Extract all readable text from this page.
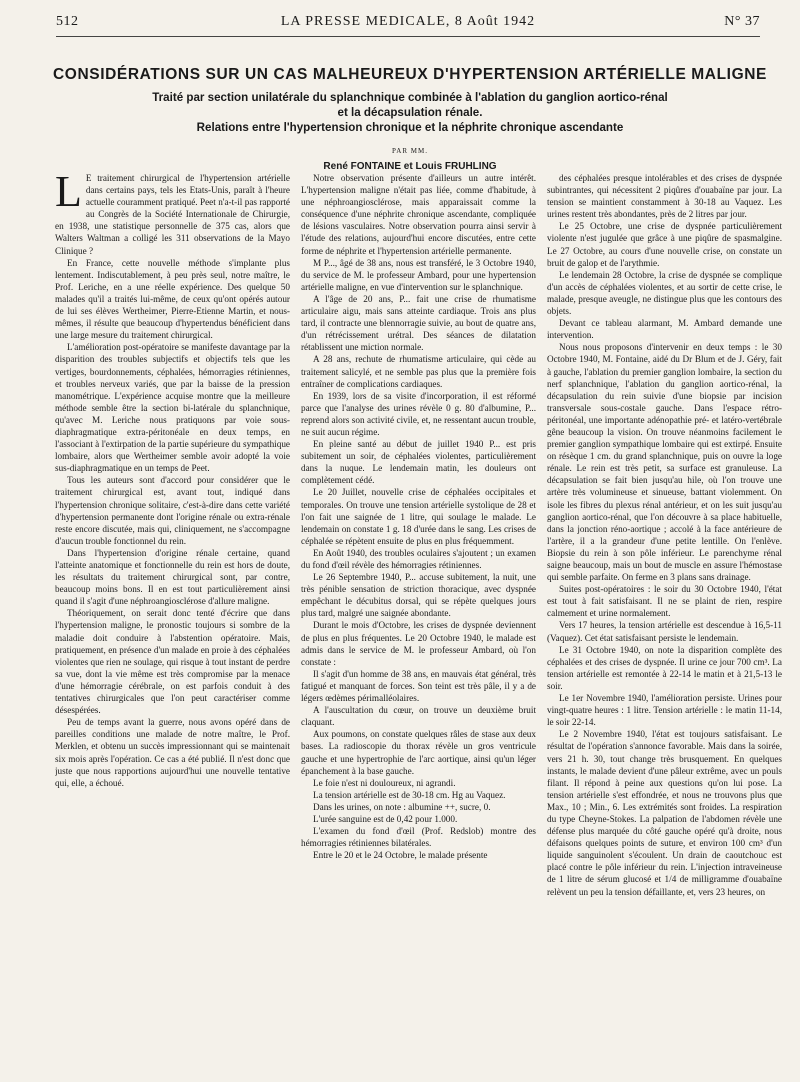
512	LA PRESSE MEDICALE, 8 Août 1942	N° 37
CONSIDÉRATIONS SUR UN CAS MALHEUREUX D'HYPERTENSION ARTÉRIELLE MALIGNE
Traité par section unilatérale du splanchnique combinée à l'ablation du ganglion aortico-rénal
et la décapsulation rénale.
Relations entre l'hypertension chronique et la néphrite chronique ascendante
PAR MM.
René FONTAINE et Louis FRUHLING

L E traitement chirurgical de l'hypertension artérielle dans certains pays, tels les Etats-Unis, paraît à l'heure actuelle couramment pratiqué. Peet n'a-t-il pas rapporté au Congrès de la Société Internationale de Chirurgie, en 1938, une statistique personnelle de 375 cas, alors que Walters Waltman a colligé les 311 observations de la Mayo Clinique ?

En France, cette nouvelle méthode s'implante plus lentement. Indiscutablement, à peu près seul, notre maître, le Prof. Leriche, en a une réelle expérience. Des quelque 50 malades qu'il a traités lui-même, de ceux qu'ont opérés autour de lui ses élèves Wertheimer, Pierre-Etienne Martin, et nous-mêmes, il résulte que beaucoup d'hypertendus bénéficient dans une large mesure du traitement chirurgical.

L'amélioration post-opératoire se manifeste davantage par la disparition des troubles subjectifs et objectifs tels que les vertiges, bourdonnements, céphalées, hémorragies rétiniennes, et troubles nerveux variés, que par la baisse de la pression manométrique. L'expérience acquise montre que la meilleure méthode semble être la section bi-latérale du splanchnique, qu'avec M. Leriche nous pratiquons par voie sous-diaphragmatique extra-péritonéale en deux temps, en l'associant à l'extirpation de la partie supérieure du sympathique lombaire, alors que Wertheimer semble avoir adopté la voie sus-diaphragmatique en un temps de Peet.

Tous les auteurs sont d'accord pour considérer que le traitement chirurgical est, avant tout, indiqué dans l'hypertension chronique solitaire, c'est-à-dire dans cette variété d'hypertension permanente dont l'origine rénale ou extra-rénale reste encore discutée, mais qui, cliniquement, ne s'accompagne d'aucun trouble fonctionnel du rein.

Dans l'hypertension d'origine rénale certaine, quand l'atteinte anatomique et fonctionnelle du rein est hors de doute, les résultats du traitement chirurgical sont, par contre, beaucoup moins bons. Il en est tout particulièrement ainsi quand il s'agit d'une néphroangiosclérose d'allure maligne.

Théoriquement, on serait donc tenté d'écrire que dans l'hypertension maligne, le pronostic toujours si sombre de la maladie doit conduire à l'abstention opératoire. Mais, pratiquement, en présence d'un malade en proie à des céphalées violentes que rien ne soulage, qui risque à tout instant de perdre sa vue, dont la vie même est très compromise par la menace d'une hémorragie cérébrale, on est parfois conduit à des tentatives chirurgicales que l'on peut caractériser comme désespérées.

Peu de temps avant la guerre, nous avons opéré dans de pareilles conditions une malade de notre maître, le Prof. Merklen, et obtenu un succès impressionnant qui se maintenait six mois après l'opération. Ce cas a été publié. Il n'est donc que juste que nous rapportions aujourd'hui une nouvelle tentative qui, elle, a échoué.

Notre observation présente d'ailleurs un autre intérêt. L'hypertension maligne n'était pas liée, comme d'habitude, à une néphroangiosclérose, mais apparaissait comme la conséquence d'une néphrite chronique ascendante, compliquée de lésions vasculaires. Notre observation pourra ainsi servir à l'étude des relations, aujourd'hui encore discutées, entre cette forme de néphrite et l'hypertension artérielle permanente.

M P..., âgé de 38 ans, nous est transféré, le 3 Octobre 1940, du service de M. le professeur Ambard, pour une hypertension artérielle maligne, en vue d'intervention sur le splanchnique.

A l'âge de 20 ans, P... fait une crise de rhumatisme articulaire aigu, mais sans atteinte cardiaque. Trois ans plus tard, il contracte une blennorragie suivie, au bout de quatre ans, d'un rétrécissement urétral. Des séances de dilatation rétablissent une miction normale.

A 28 ans, rechute de rhumatisme articulaire, qui cède au traitement salicylé, et ne semble pas plus que la première fois entraîner de complications cardiaques.

En 1939, lors de sa visite d'incorporation, il est réformé parce que l'analyse des urines révèle 0 g. 80 d'albumine, P... reprend alors son activité civile, et, ne ressentant aucun trouble, ne suit aucun régime.

En pleine santé au début de juillet 1940 P... est pris subitement un soir, de céphalées violentes, particulièrement dans la nuque. Le lendemain matin, les douleurs ont complètement cédé.

Le 20 Juillet, nouvelle crise de céphalées occipitales et temporales. On trouve une tension artérielle systolique de 28 et l'on fait une saignée de 1 litre, qui soulage le malade. Le lendemain on constate 1 g. 18 d'urée dans le sang. Les crises de céphalée se répètent ensuite de plus en plus fréquemment.

En Août 1940, des troubles oculaires s'ajoutent ; un examen du fond d'œil révèle des hémorragies rétiniennes.

Le 26 Septembre 1940, P... accuse subitement, la nuit, une très pénible sensation de striction thoracique, avec dyspnée empêchant le décubitus dorsal, qui se répète quelques jours plus tard, malgré une saignée abondante.

Durant le mois d'Octobre, les crises de dyspnée deviennent de plus en plus fréquentes. Le 20 Octobre 1940, le malade est admis dans le service de M. le professeur Ambard, où l'on constate :

Il s'agit d'un homme de 38 ans, en mauvais état général, très fatigué et manquant de forces. Son teint est très pâle, il y a de légers œdèmes périmalléolaires.

A l'auscultation du cœur, on trouve un deuxième bruit claquant.

Aux poumons, on constate quelques râles de stase aux deux bases. La radioscopie du thorax révèle un gros ventricule gauche et une hypertrophie de l'arc aortique, ainsi qu'un léger épanchement à la base gauche.

Le foie n'est ni douloureux, ni agrandi.

La tension artérielle est de 30-18 cm. Hg au Vaquez.

Dans les urines, on note : albumine ++, sucre, 0.

L'urée sanguine est de 0,42 pour 1.000.

L'examen du fond d'œil (Prof. Redslob) montre des hémorragies rétiniennes bilatérales.

Entre le 20 et le 24 Octobre, le malade présente

des céphalées presque intolérables et des crises de dyspnée subintrantes, qui nécessitent 2 piqûres d'ouabaïne par jour. La tension se maintient constamment à 30-18 au Vaquez. Les urines restent très abondantes, près de 2 litres par jour.

Le 25 Octobre, une crise de dyspnée particulièrement violente n'est jugulée que grâce à une piqûre de spasmalgine. Le 27 Octobre, au cours d'une nouvelle crise, on constate un bruit de galop et de l'arythmie.

Le lendemain 28 Octobre, la crise de dyspnée se complique d'un accès de céphalées violentes, et au sortir de cette crise, le malade, presque aveugle, ne distingue plus que les contours des objets.

Devant ce tableau alarmant, M. Ambard demande une intervention.

Nous nous proposons d'intervenir en deux temps : le 30 Octobre 1940, M. Fontaine, aidé du Dr Blum et de J. Géry, fait à gauche, l'ablation du premier ganglion lombaire, la section du nerf splanchnique, l'ablation du ganglion aortico-rénal, la décapsulation du rein suivie d'une biopsie par incision transversale sous-costale gauche. Dans l'espace rétro-péritonéal, une importante adénopathie pré- et latéro-vertébrale gêne beaucoup la vision. On trouve néanmoins facilement le premier ganglion sympathique lombaire qui est extirpé. Ensuite on résèque 1 cm. du grand splanchnique, puis on ouvre la loge rénale. Le rein est très petit, sa surface est granuleuse. La décapsulation se fait bien jusqu'au hile, où l'on trouve une artère très volumineuse et sinueuse, battant violemment. On isole les fibres du plexus rénal antérieur, et on les suit jusqu'au ganglion aortico-rénal, que l'on découvre à sa place habituelle, dans la jonction réno-aortique ; accolé à la face antérieure de l'artère, il a la grandeur d'une petite lentille. On l'enlève. Biopsie du rein à son pôle inférieur. Le parenchyme rénal saigne beaucoup, mais un bout de muscle en assure l'hémostase qui semble parfaite. On ferme en 3 plans sans drainage.

Suites post-opératoires : le soir du 30 Octobre 1940, l'état est tout à fait satisfaisant. Il ne se plaint de rien, respire calmement et urine normalement.

Vers 17 heures, la tension artérielle est descendue à 16,5-11 (Vaquez). Cet état satisfaisant persiste le lendemain.

Le 31 Octobre 1940, on note la disparition complète des céphalées et des crises de dyspnée. Il urine ce jour 700 cm³. La tension artérielle est remontée à 22-14 le matin et à 21,5-13 le soir.

Le 1er Novembre 1940, l'amélioration persiste. Urines pour vingt-quatre heures : 1 litre. Tension artérielle : le matin 11-14, le soir 22-14.

Le 2 Novembre 1940, l'état est toujours satisfaisant. Le résultat de l'opération s'annonce favorable. Mais dans la soirée, vers 21 h. 30, tout change très brusquement. En quelques instants, le malade devient d'une pâleur extrême, avec un pouls filant. Il répond à peine aux questions qu'on lui pose. La tension artérielle s'est effondrée, et nous ne trouvons plus que Max., 10 ; Min., 6. Les extrémités sont froides. La respiration du type Cheyne-Stokes. La palpation de l'abdomen révèle une défense plus marquée du côté gauche opéré qu'à droite, nous défaisons quelques points de suture, et environ 100 cm³ d'un liquide sanguinolent s'écoulent. Un drain de caoutchouc est placé contre le pôle inférieur du rein. L'injection intraveineuse de 1 litre de sérum glucosé et 1/4 de milligramme d'ouabaïne relèvent un peu la tension défaillante, et, vers 23 heures, on
